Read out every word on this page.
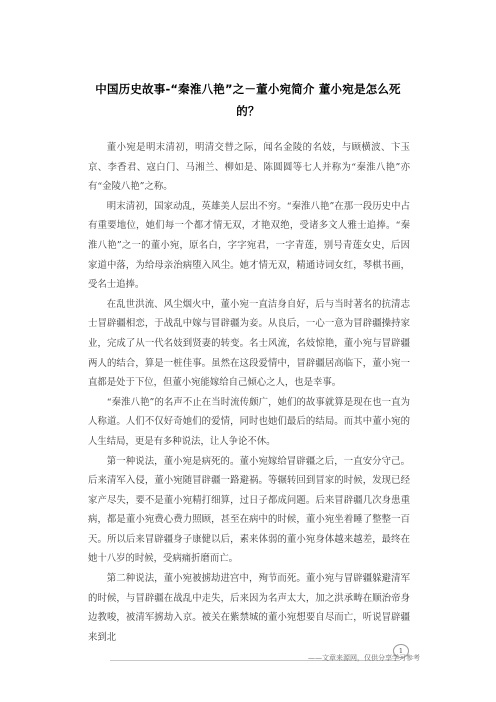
中国历史故事-“秦淮八艳”之－董小宛简介 董小宛是怎么死
的？

董小宛是明末清初，明清交替之际，闻名金陵的名妓，与顾横波、卞玉京、李香君、寇白门、马湘兰、柳如是、陈圆圆等七人并称为“秦淮八艳”亦有“金陵八艳”之称。

明末清初，国家动乱，英雄美人层出不穷。“秦淮八艳”在那一段历史中占有重要地位，她们每一个都才情无双，才艳双绝，受诸多文人雅士追捧。“秦淮八艳”之一的董小宛，原名白，字字宛君，一字青莲，别号青莲女史，后因家道中落，为给母亲治病堕入风尘。她才情无双，精通诗词女红，琴棋书画，受名士追捧。

在乱世洪流、风尘烟火中，董小宛一直洁身自好，后与当时著名的抗清志士冒辟疆相恋，于战乱中嫁与冒辟疆为妾。从良后，一心一意为冒辟疆操持家业，完成了从一代名妓到贤妻的转变。名士风流，名妓惊艳，董小宛与冒辟疆两人的结合，算是一桩佳事。虽然在这段爱情中，冒辟疆居高临下，董小宛一直都是处于下位，但董小宛能嫁给自己倾心之人，也是幸事。

“秦淮八艳”的名声不止在当时流传颇广，她们的故事就算是现在也一直为人称道。人们不仅好奇她们的爱情，同时也她们最后的结局。而其中董小宛的人生结局，更是有多种说法，让人争论不休。

第一种说法，董小宛是病死的。董小宛嫁给冒辟疆之后，一直安分守己。后来清军入侵，董小宛随冒辟疆一路避祸。等辗转回到冒家的时候，发现已经家产尽失，要不是董小宛精打细算，过日子都成问题。后来冒辟疆几次身患重病，都是董小宛费心费力照顾，甚至在病中的时候，董小宛坐着睡了整整一百天。所以后来冒辟疆身子康健以后，素来体弱的董小宛身体越来越差，最终在她十八岁的时候，受病痛折磨而亡。

第二种说法，董小宛被掳劫进宫中，殉节而死。董小宛与冒辟疆躲避清军的时候，与冒辟疆在战乱中走失，后来因为名声太大，加之洪承畴在顺治帝身边教唆，被清军掳劫入京。被关在紫禁城的董小宛想要自尽而亡，听说冒辟疆来到北

1
——文章来源网，仅供分享学习参考
